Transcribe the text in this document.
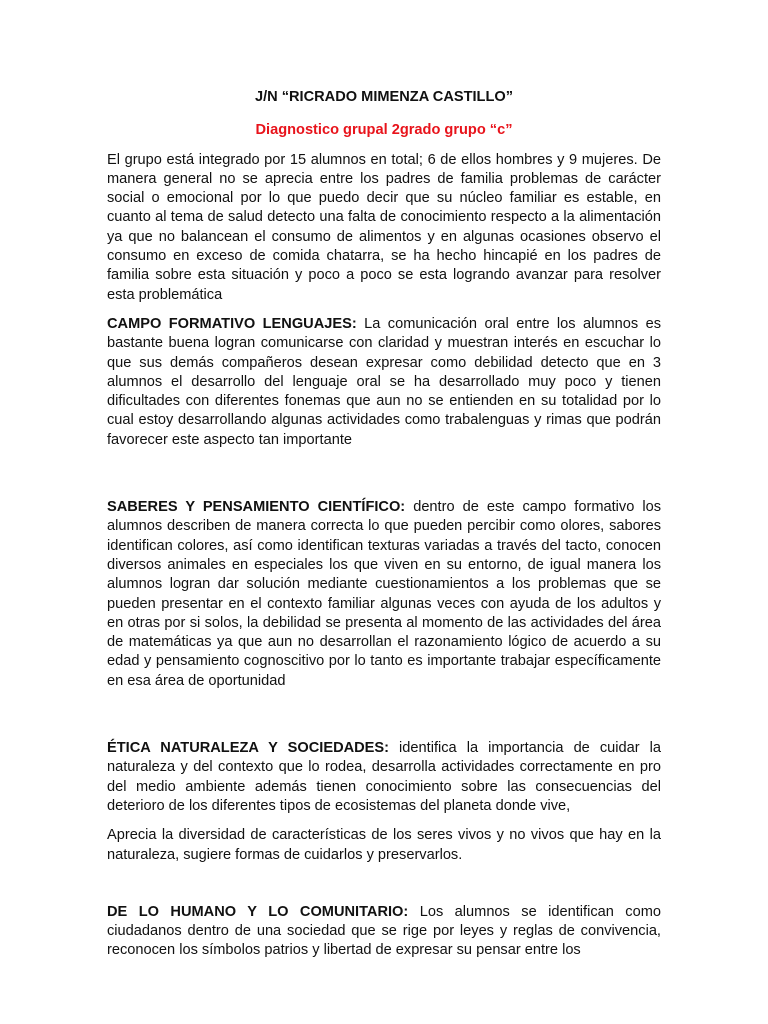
J/N “RICRADO MIMENZA CASTILLO”
Diagnostico grupal 2grado grupo “c”

El grupo está integrado por 15 alumnos en total; 6 de ellos hombres y 9 mujeres. De manera general no se aprecia entre los padres de familia problemas de carácter social o emocional por lo que puedo decir que su núcleo familiar es estable, en cuanto al tema de salud detecto una falta de conocimiento respecto a la alimentación ya que no balancean el consumo de alimentos y en algunas ocasiones observo el consumo en exceso de comida chatarra, se ha hecho hincapié en los padres de familia sobre esta situación y poco a poco se esta logrando avanzar para resolver esta problemática

CAMPO FORMATIVO LENGUAJES: La comunicación oral entre los alumnos es bastante buena logran comunicarse con claridad y muestran interés en escuchar lo que sus demás compañeros desean expresar como debilidad detecto que en 3 alumnos el desarrollo del lenguaje oral se ha desarrollado muy poco y tienen dificultades con diferentes fonemas que aun no se entienden en su totalidad por lo cual estoy desarrollando algunas actividades como trabalenguas y rimas que podrán favorecer este aspecto tan importante

SABERES Y PENSAMIENTO CIENTÍFICO: dentro de este campo formativo los alumnos describen de manera correcta lo que pueden percibir como olores, sabores identifican colores, así como identifican texturas variadas a través del tacto, conocen diversos animales en especiales los que viven en su entorno, de igual manera los alumnos logran dar solución mediante cuestionamientos a los problemas que se pueden presentar en el contexto familiar algunas veces con ayuda de los adultos y en otras por si solos, la debilidad se presenta al momento de las actividades del área de matemáticas ya que aun no desarrollan el razonamiento lógico de acuerdo a su edad y pensamiento cognoscitivo por lo tanto es importante trabajar específicamente en esa área de oportunidad

ÉTICA NATURALEZA Y SOCIEDADES: identifica la importancia de cuidar la naturaleza y del contexto que lo rodea, desarrolla actividades correctamente en pro del medio ambiente además tienen conocimiento sobre las consecuencias del deterioro de los diferentes tipos de ecosistemas del planeta donde vive,

Aprecia la diversidad de características de los seres vivos y no vivos que hay en la naturaleza, sugiere formas de cuidarlos y preservarlos.

DE LO HUMANO Y LO COMUNITARIO: Los alumnos se identifican como ciudadanos dentro de una sociedad que se rige por leyes y reglas de convivencia, reconocen los símbolos patrios y libertad de expresar su pensar entre los
